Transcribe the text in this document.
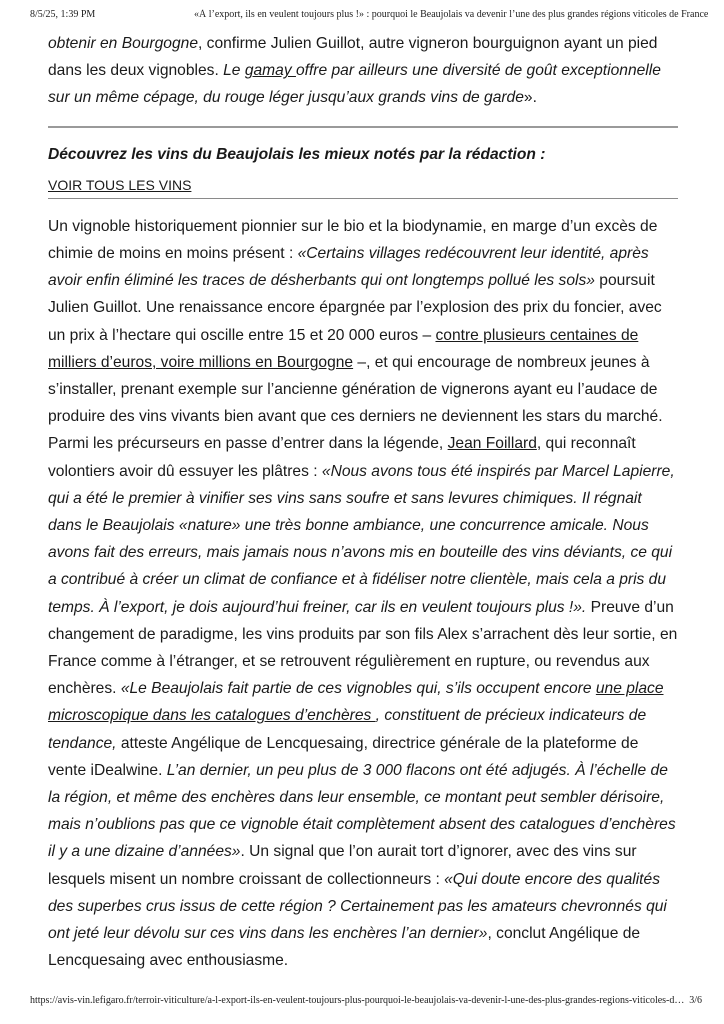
8/5/25, 1:39 PM	«À l’export, ils en veulent toujours plus !» : pourquoi le Beaujolais va devenir l’une des plus grandes régions viticoles de France

obtenir en Bourgogne, confirme Julien Guillot, autre vigneron bourguignon ayant un pied dans les deux vignobles. Le gamay offre par ailleurs une diversité de goût exceptionnelle sur un même cépage, du rouge léger jusqu’aux grands vins de garde».

Découvrez les vins du Beaujolais les mieux notés par la rédaction :
VOIR TOUS LES VINS

Un vignoble historiquement pionnier sur le bio et la biodynamie, en marge d’un excès de chimie de moins en moins présent : «Certains villages redécouvrent leur identité, après avoir enfin éliminé les traces de désherbants qui ont longtemps pollué les sols» poursuit Julien Guillot. Une renaissance encore épargnée par l’explosion des prix du foncier, avec un prix à l’hectare qui oscille entre 15 et 20 000 euros – contre plusieurs centaines de milliers d’euros, voire millions en Bourgogne –, et qui encourage de nombreux jeunes à s’installer, prenant exemple sur l’ancienne génération de vignerons ayant eu l’audace de produire des vins vivants bien avant que ces derniers ne deviennent les stars du marché. Parmi les précurseurs en passe d’entrer dans la légende, Jean Foillard, qui reconnaît volontiers avoir dû essuyer les plâtres : «Nous avons tous été inspirés par Marcel Lapierre, qui a été le premier à vinifier ses vins sans soufre et sans levures chimiques. Il régnait dans le Beaujolais «nature» une très bonne ambiance, une concurrence amicale. Nous avons fait des erreurs, mais jamais nous n’avons mis en bouteille des vins déviants, ce qui a contribué à créer un climat de confiance et à fidéliser notre clientèle, mais cela a pris du temps. À l’export, je dois aujourd’hui freiner, car ils en veulent toujours plus !». Preuve d’un changement de paradigme, les vins produits par son fils Alex s’arrachent dès leur sortie, en France comme à l’étranger, et se retrouvent régulièrement en rupture, ou revendus aux enchères. «Le Beaujolais fait partie de ces vignobles qui, s’ils occupent encore une place microscopique dans les catalogues d’enchères , constituent de précieux indicateurs de tendance, atteste Angélique de Lencquesaing, directrice générale de la plateforme de vente iDealwine. L’an dernier, un peu plus de 3 000 flacons ont été adjugés. À l’échelle de la région, et même des enchères dans leur ensemble, ce montant peut sembler dérisoire, mais n’oublions pas que ce vignoble était complètement absent des catalogues d’enchères il y a une dizaine d’années». Un signal que l’on aurait tort d’ignorer, avec des vins sur lesquels misent un nombre croissant de collectionneurs : «Qui doute encore des qualités des superbes crus issus de cette région ? Certainement pas les amateurs chevronnés qui ont jeté leur dévolu sur ces vins dans les enchères l’an dernier», conclut Angélique de Lencquesaing avec enthousiasme.

https://avis-vin.lefigaro.fr/terroir-viticulture/a-l-export-ils-en-veulent-toujours-plus-pourquoi-le-beaujolais-va-devenir-l-une-des-plus-grandes-regions-viticoles-d… 3/6
